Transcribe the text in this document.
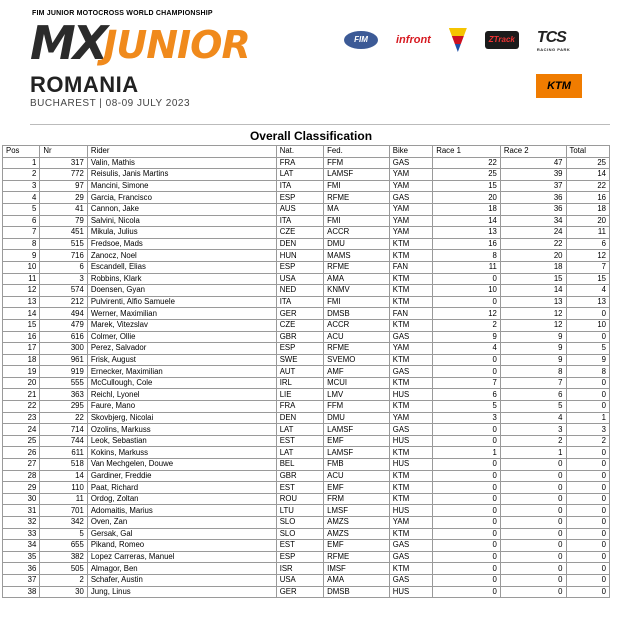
FIM JUNIOR MOTOCROSS WORLD CHAMPIONSHIP
MX
JUNIOR	FIM	infront	ZTrack TCS
RACING PARK
ROMANIA
BUCHAREST | 08-09 JULY 2023
KTM
Overall Classification
Pos	Nr	Rider	Nat.	Fed.	Bike	Race 1	Race 2	Total
1	317	Valin, Mathis	FRA	FFM	GAS	22	47	25
2	772	Reisulis, Janis Martins	LAT	LAMSF	YAM	25	39	14
3	97	Mancini, Simone	ITA	FMI	YAM	15	37	22
4	29	Garcia, Francisco	ESP	RFME	GAS	20	36	16
5	41	Cannon, Jake	AUS	MA	YAM	18	36	18
6	79	Salvini, Nicola	ITA	FMI	YAM	14	34	20
7	451	Mikula, Julius	CZE	ACCR	YAM	13	24	11
8	515	Fredsoe, Mads	DEN	DMU	KTM	16	22	6
9	716	Zanocz, Noel	HUN	MAMS	KTM	8	20	12
10	6	Escandell, Elias	ESP	RFME	FAN	11	18	7
11	3	Robbins, Klark	USA	AMA	KTM	0	15	15
12	574	Doensen, Gyan	NED	KNMV	KTM	10	14	4
13	212	Pulvirenti, Alfio Samuele	ITA	FMI	KTM	0	13	13
14	494	Werner, Maximilian	GER	DMSB	FAN	12	12	0
15	479	Marek, Vitezslav	CZE	ACCR	KTM	2	12	10
16	616	Colmer, Ollie	GBR	ACU	GAS	9	9	0
17	300	Perez, Salvador	ESP	RFME	YAM	4	9	5
18	961	Frisk, August	SWE	SVEMO	KTM	0	9	9
19	919	Ernecker, Maximilian	AUT	AMF	GAS	0	8	8
20	555	McCullough, Cole	IRL	MCUI	KTM	7	7	0
21	363	Reichl, Lyonel	LIE	LMV	HUS	6	6	0
22	295	Faure, Mano	FRA	FFM	KTM	5	5	0
23	22	Skovbjerg, Nicolai	DEN	DMU	YAM	3	4	1
24	714	Ozolins, Markuss	LAT	LAMSF	GAS	0	3	3
25	744	Leok, Sebastian	EST	EMF	HUS	0	2	2
26	611	Kokins, Markuss	LAT	LAMSF	KTM	1	1	0
27	518	Van Mechgelen, Douwe	BEL	FMB	HUS	0	0	0
28	14	Gardiner, Freddie	GBR	ACU	KTM	0	0	0
29	110	Paat, Richard	EST	EMF	KTM	0	0	0
30	11	Ordog, Zoltan	ROU	FRM	KTM	0	0	0
31	701	Adomaitis, Marius	LTU	LMSF	HUS	0	0	0
32	342	Oven, Zan	SLO	AMZS	YAM	0	0	0
33	5	Gersak, Gal	SLO	AMZS	KTM	0	0	0
34	655	Pikand, Romeo	EST	EMF	GAS	0	0	0
35	382	Lopez Carreras, Manuel	ESP	RFME	GAS	0	0	0
36	505	Almagor, Ben	ISR	IMSF	KTM	0	0	0
37	2	Schafer, Austin	USA	AMA	GAS	0	0	0
38	30	Jung, Linus	GER	DMSB	HUS	0	0	0
